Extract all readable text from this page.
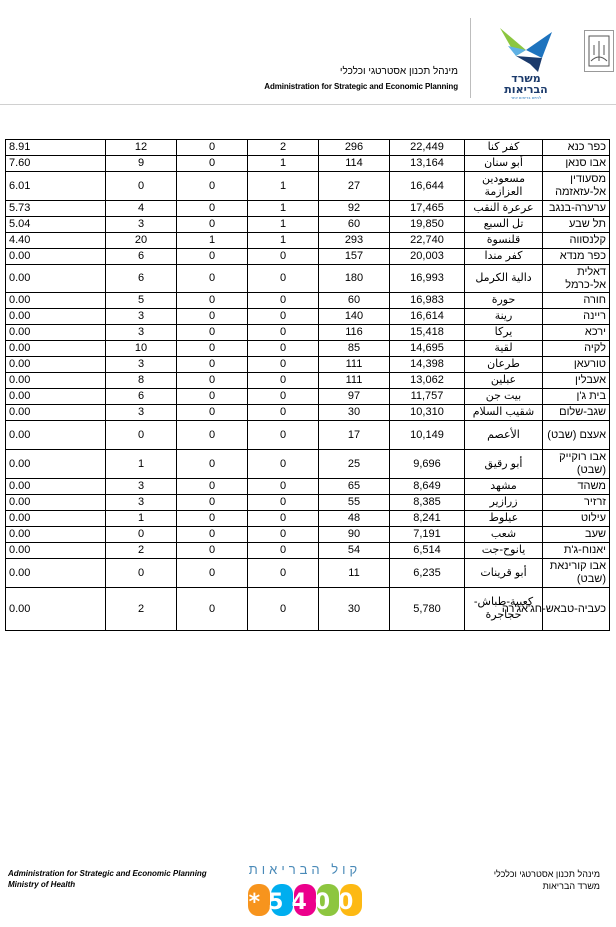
מינהל תכנון אסטרטגי וכלכלי
Administration for Strategic and Economic Planning
משרד
הבריאות
לחיים בריאים יותר
כפר כנא	كفر كنا	22,449	296	2	0	12	8.91
אבו סנאן	أبو سنان	13,164	114	1	0	9	7.60
מסעודין אל-עזאזמה	مسعودين العزازمة	16,644	27	1	0	0	6.01
ערערה-בנגב	عرعرة النقب	17,465	92	1	0	4	5.73
תל שבע	تل السبع	19,850	60	1	0	3	5.04
קלנסווה	قلنسوة	22,740	293	1	1	20	4.40
כפר מנדא	كفر مندا	20,003	157	0	0	6	0.00
דאלית אל-כרמל	دالية الكرمل	16,993	180	0	0	6	0.00
חורה	حورة	16,983	60	0	0	5	0.00
ריינה	رينة	16,614	140	0	0	3	0.00
ירכא	يركا	15,418	116	0	0	3	0.00
לקיה	لقية	14,695	85	0	0	10	0.00
טורעאן	طرعان	14,398	111	0	0	3	0.00
אעבלין	عبلين	13,062	111	0	0	8	0.00
בית ג'ן	بيت جن	11,757	97	0	0	6	0.00
שגב-שלום	شقيب السلام	10,310	30	0	0	3	0.00
אעצם (שבט)	الأعصم	10,149	17	0	0	0	0.00
אבו רוקייק (שבט)	أبو رقيق	9,696	25	0	0	1	0.00
משהד	مشهد	8,649	65	0	0	3	0.00
זרזיר	زرازير	8,385	55	0	0	3	0.00
עילוט	عيلوط	8,241	48	0	0	1	0.00
שעב	شعب	7,191	90	0	0	0	0.00
יאנוח-ג'ת	يانوح-جت	6,514	54	0	0	2	0.00
אבו קורינאת (שבט)	أبو قرينات	6,235	11	0	0	0	0.00
כעביה-טבאש-חג'אג'רה	كعبية-طباش-حجاجرة	5,780	30	0	0	2	0.00
Administration for Strategic and Economic Planning
Ministry of Health
קול הבריאות
*5400
מינהל תכנון אסטרטגי וכלכלי
משרד הבריאות
